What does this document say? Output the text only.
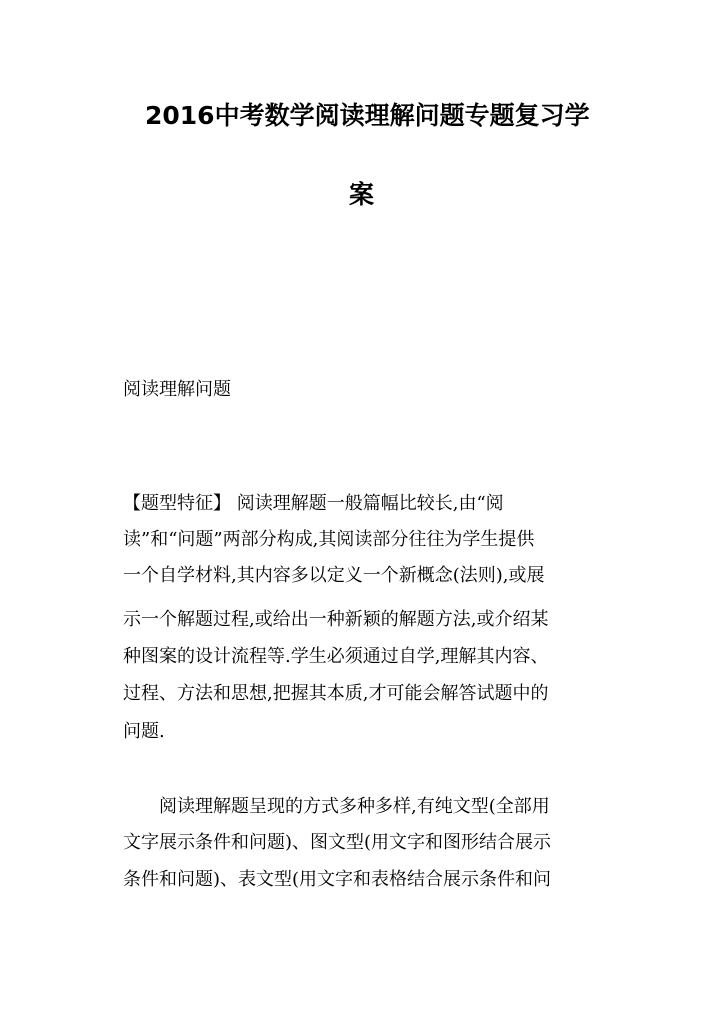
2016中考数学阅读理解问题专题复习学
案
阅读理解问题
【题型特征】 阅读理解题一般篇幅比较长,由“阅
读”和“问题”两部分构成,其阅读部分往往为学生提供
一个自学材料,其内容多以定义一个新概念(法则),或展
示一个解题过程,或给出一种新颖的解题方法,或介绍某
种图案的设计流程等.学生必须通过自学,理解其内容、
过程、方法和思想,把握其本质,才可能会解答试题中的
问题.
阅读理解题呈现的方式多种多样,有纯文型(全部用
文字展示条件和问题)、图文型(用文字和图形结合展示
条件和问题)、表文型(用文字和表格结合展示条件和问
